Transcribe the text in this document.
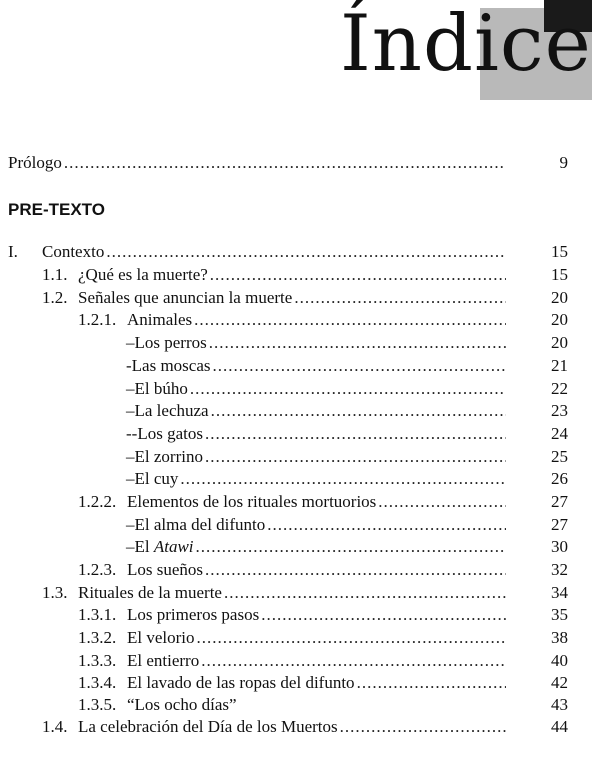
Índice
Prólogo .....	9
PRE-TEXTO
I. Contexto .....	15
1.1. ¿Qué es la muerte? .....	15
1.2. Señales que anuncian la muerte .....	20
1.2.1. Animales .....	20
–Los perros .....	20
-Las moscas .....	21
–El búho .....	22
–La lechuza .....	23
--Los gatos .....	24
–El zorrino .....	25
–El cuy .....	26
1.2.2. Elementos de los rituales mortuorios .....	27
–El alma del difunto .....	27
–El Atawi .....	30
1.2.3. Los sueños .....	32
1.3. Rituales de la muerte .....	34
1.3.1. Los primeros pasos .....	35
1.3.2. El velorio .....	38
1.3.3. El entierro .....	40
1.3.4. El lavado de las ropas del difunto .....	42
1.3.5. “Los ocho días”	43
1.4. La celebración del Día de los Muertos .....	44
